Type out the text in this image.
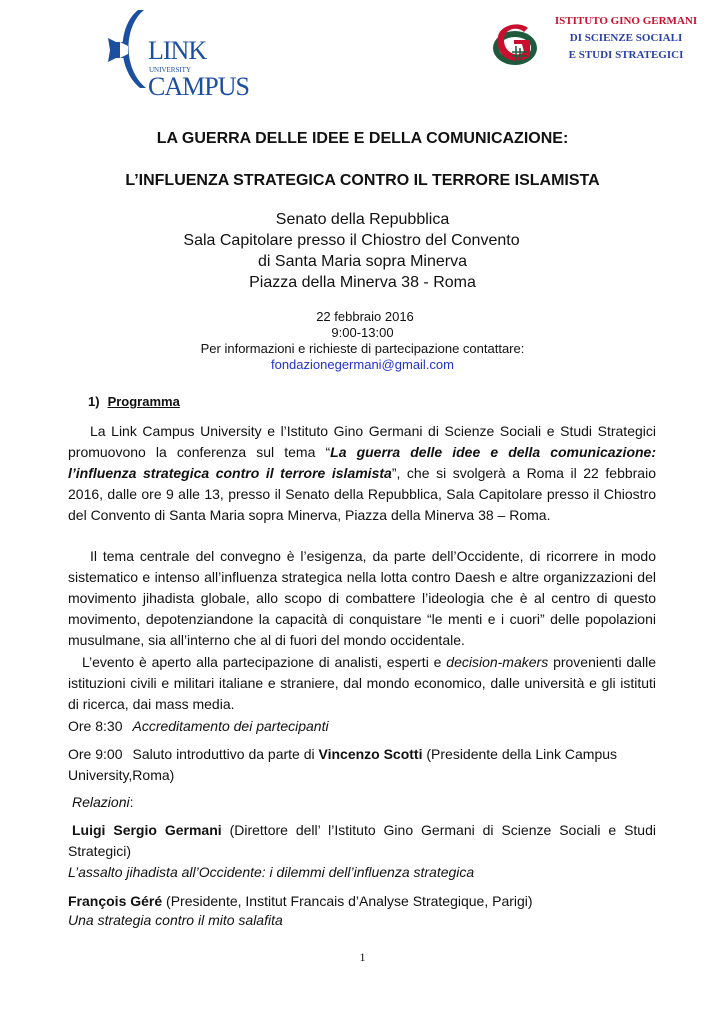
$LINK^{UNIVERSITY}$
CAMPUS
ISTITUTO GINO GERMANI
DI SCIENZE SOCIALI
E STUDI STRATEGICI
LA GUERRA DELLE IDEE E DELLA COMUNICAZIONE:
L’INFLUENZA STRATEGICA CONTRO IL TERRORE ISLAMISTA
Senato della Repubblica
Sala Capitolare presso il Chiostro del Convento
di Santa Maria sopra Minerva
Piazza della Minerva 38 - Roma
22 febbraio 2016
9:00-13:00
Per informazioni e richieste di partecipazione contattare:
fondazionegermani@gmail.com
1) Programma
La Link Campus University e l’Istituto Gino Germani di Scienze Sociali e Studi Strategici promuovono la conferenza sul tema “La guerra delle idee e della comunicazione: l’influenza strategica contro il terrore islamista”, che si svolgerà a Roma il 22 febbraio 2016, dalle ore 9 alle 13, presso il Senato della Repubblica, Sala Capitolare presso il Chiostro del Convento di Santa Maria sopra Minerva, Piazza della Minerva 38 – Roma.
Il tema centrale del convegno è l’esigenza, da parte dell’Occidente, di ricorrere in modo sistematico e intenso all’influenza strategica nella lotta contro Daesh e altre organizzazioni del movimento jihadista globale, allo scopo di combattere l’ideologia che è al centro di questo movimento, depotenziandone la capacità di conquistare “le menti e i cuori” delle popolazioni musulmane, sia all’interno che al di fuori del mondo occidentale.
L’evento è aperto alla partecipazione di analisti, esperti e decision-makers provenienti dalle istituzioni civili e militari italiane e straniere, dal mondo economico, dalle università e gli istituti di ricerca, dai mass media.
Ore 8:30 Accreditamento dei partecipanti
Ore 9:00 Saluto introduttivo da parte di Vincenzo Scotti (Presidente della Link Campus University,Roma)
Relazioni:
Luigi Sergio Germani (Direttore dell’ l’Istituto Gino Germani di Scienze Sociali e Studi Strategici)
L’assalto jihadista all’Occidente: i dilemmi dell’influenza strategica
François Géré (Presidente, Institut Francais d’Analyse Strategique, Parigi)
Una strategia contro il mito salafita
1
